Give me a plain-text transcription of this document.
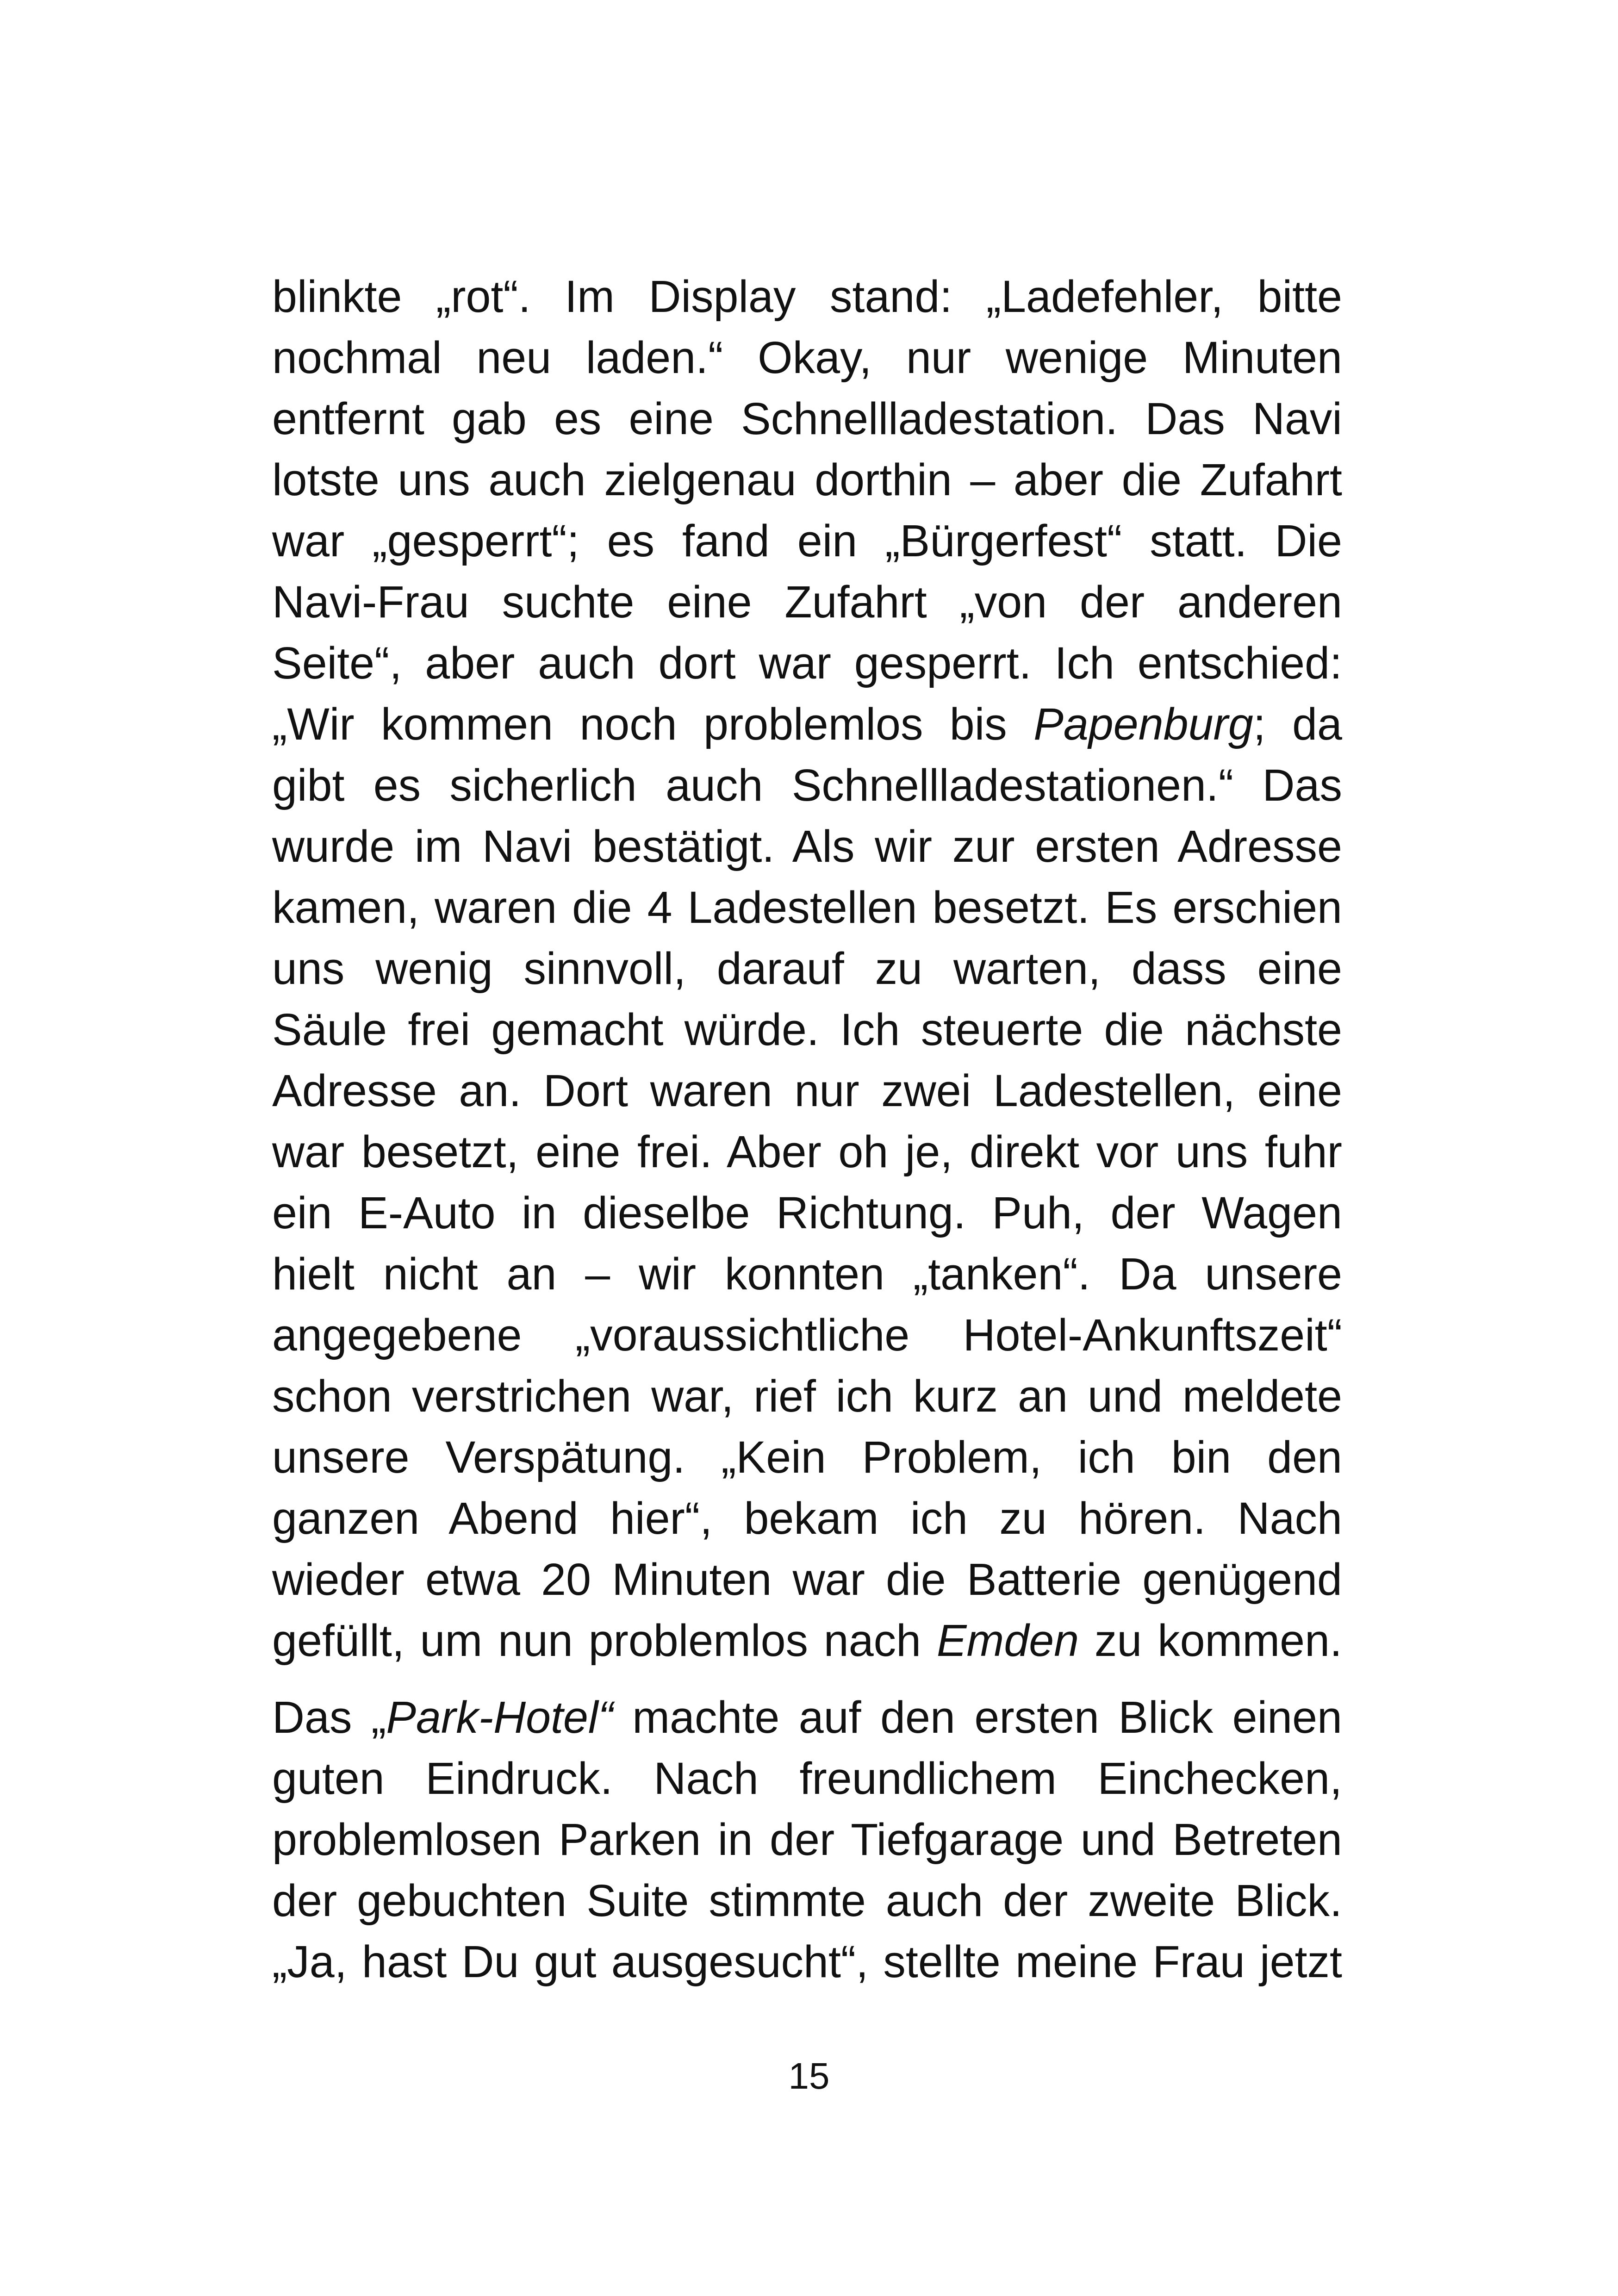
blinkte „rot“. Im Display stand: „Ladefehler, bitte
nochmal neu laden.“ Okay, nur wenige Minuten
entfernt gab es eine Schnellladestation. Das Navi
lotste uns auch zielgenau dorthin – aber die Zufahrt
war „gesperrt“; es fand ein „Bürgerfest“ statt. Die
Navi-Frau suchte eine Zufahrt „von der anderen
Seite“, aber auch dort war gesperrt. Ich entschied:
„Wir kommen noch problemlos bis Papenburg; da
gibt es sicherlich auch Schnellladestationen.“ Das
wurde im Navi bestätigt. Als wir zur ersten Adresse
kamen, waren die 4 Ladestellen besetzt. Es erschien
uns wenig sinnvoll, darauf zu warten, dass eine
Säule frei gemacht würde. Ich steuerte die nächste
Adresse an. Dort waren nur zwei Ladestellen, eine
war besetzt, eine frei. Aber oh je, direkt vor uns fuhr
ein E-Auto in dieselbe Richtung. Puh, der Wagen
hielt nicht an – wir konnten „tanken“. Da unsere
angegebene „voraussichtliche Hotel-Ankunftszeit“
schon verstrichen war, rief ich kurz an und meldete
unsere Verspätung. „Kein Problem, ich bin den
ganzen Abend hier“, bekam ich zu hören. Nach
wieder etwa 20 Minuten war die Batterie genügend
gefüllt, um nun problemlos nach Emden zu kommen.
Das „Park-Hotel“ machte auf den ersten Blick einen
guten Eindruck. Nach freundlichem Einchecken,
problemlosen Parken in der Tiefgarage und Betreten
der gebuchten Suite stimmte auch der zweite Blick.
„Ja, hast Du gut ausgesucht“, stellte meine Frau jetzt
15
